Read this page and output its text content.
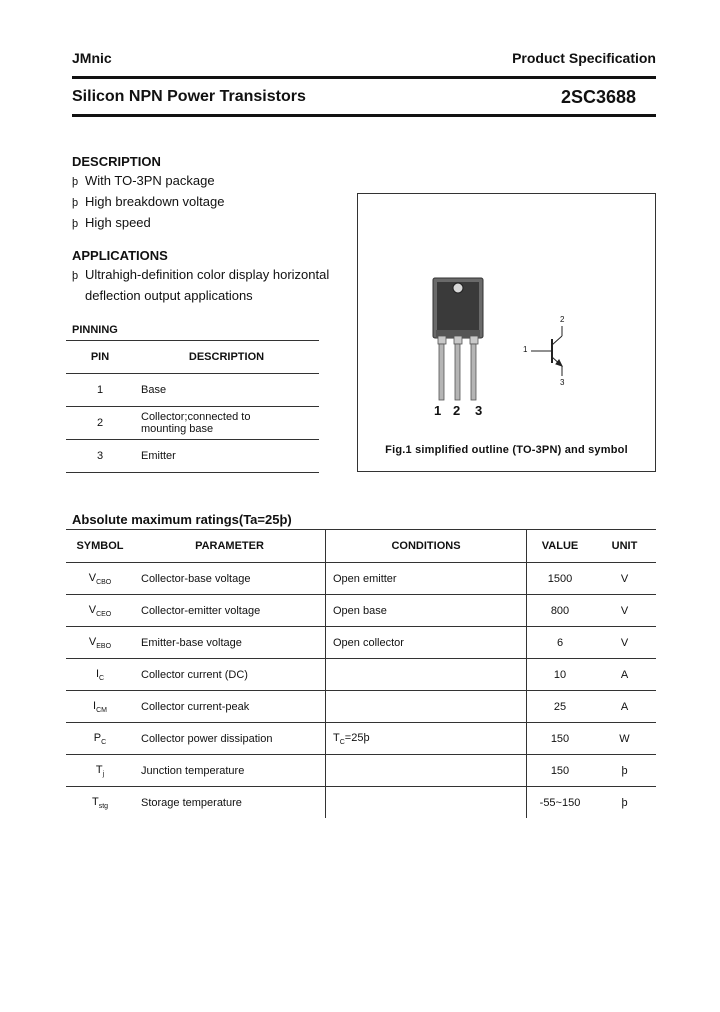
JMnic	Product Specification
Silicon NPN Power Transistors	2SC3688
DESCRIPTION
þ With TO-3PN package
þ High breakdown voltage
þ High speed
APPLICATIONS
þ Ultrahigh-definition color display horizontal
deflection output applications
PINNING
PIN	DESCRIPTION
1	Base
2	Collector;connected to
mounting base
3	Emitter
1 2 3
1
2
3
Fig.1 simplified outline (TO-3PN) and symbol
Absolute maximum ratings(Ta=25þ)
SYMBOL	PARAMETER	CONDITIONS	VALUE	UNIT
$V_{CBO}$	Collector-base voltage	Open emitter	1500	V
$V_{CEO}$	Collector-emitter voltage	Open base	800	V
$V_{EBO}$	Emitter-base voltage	Open collector	6	V
$I_C$	Collector current (DC)		10	A
$I_{CM}$	Collector current-peak		25	A
$P_C$	Collector power dissipation	$T_C=25þ$	150	W
$T_j$	Junction temperature		150	þ
$T_{stg}$	Storage temperature		-55~150	þ
